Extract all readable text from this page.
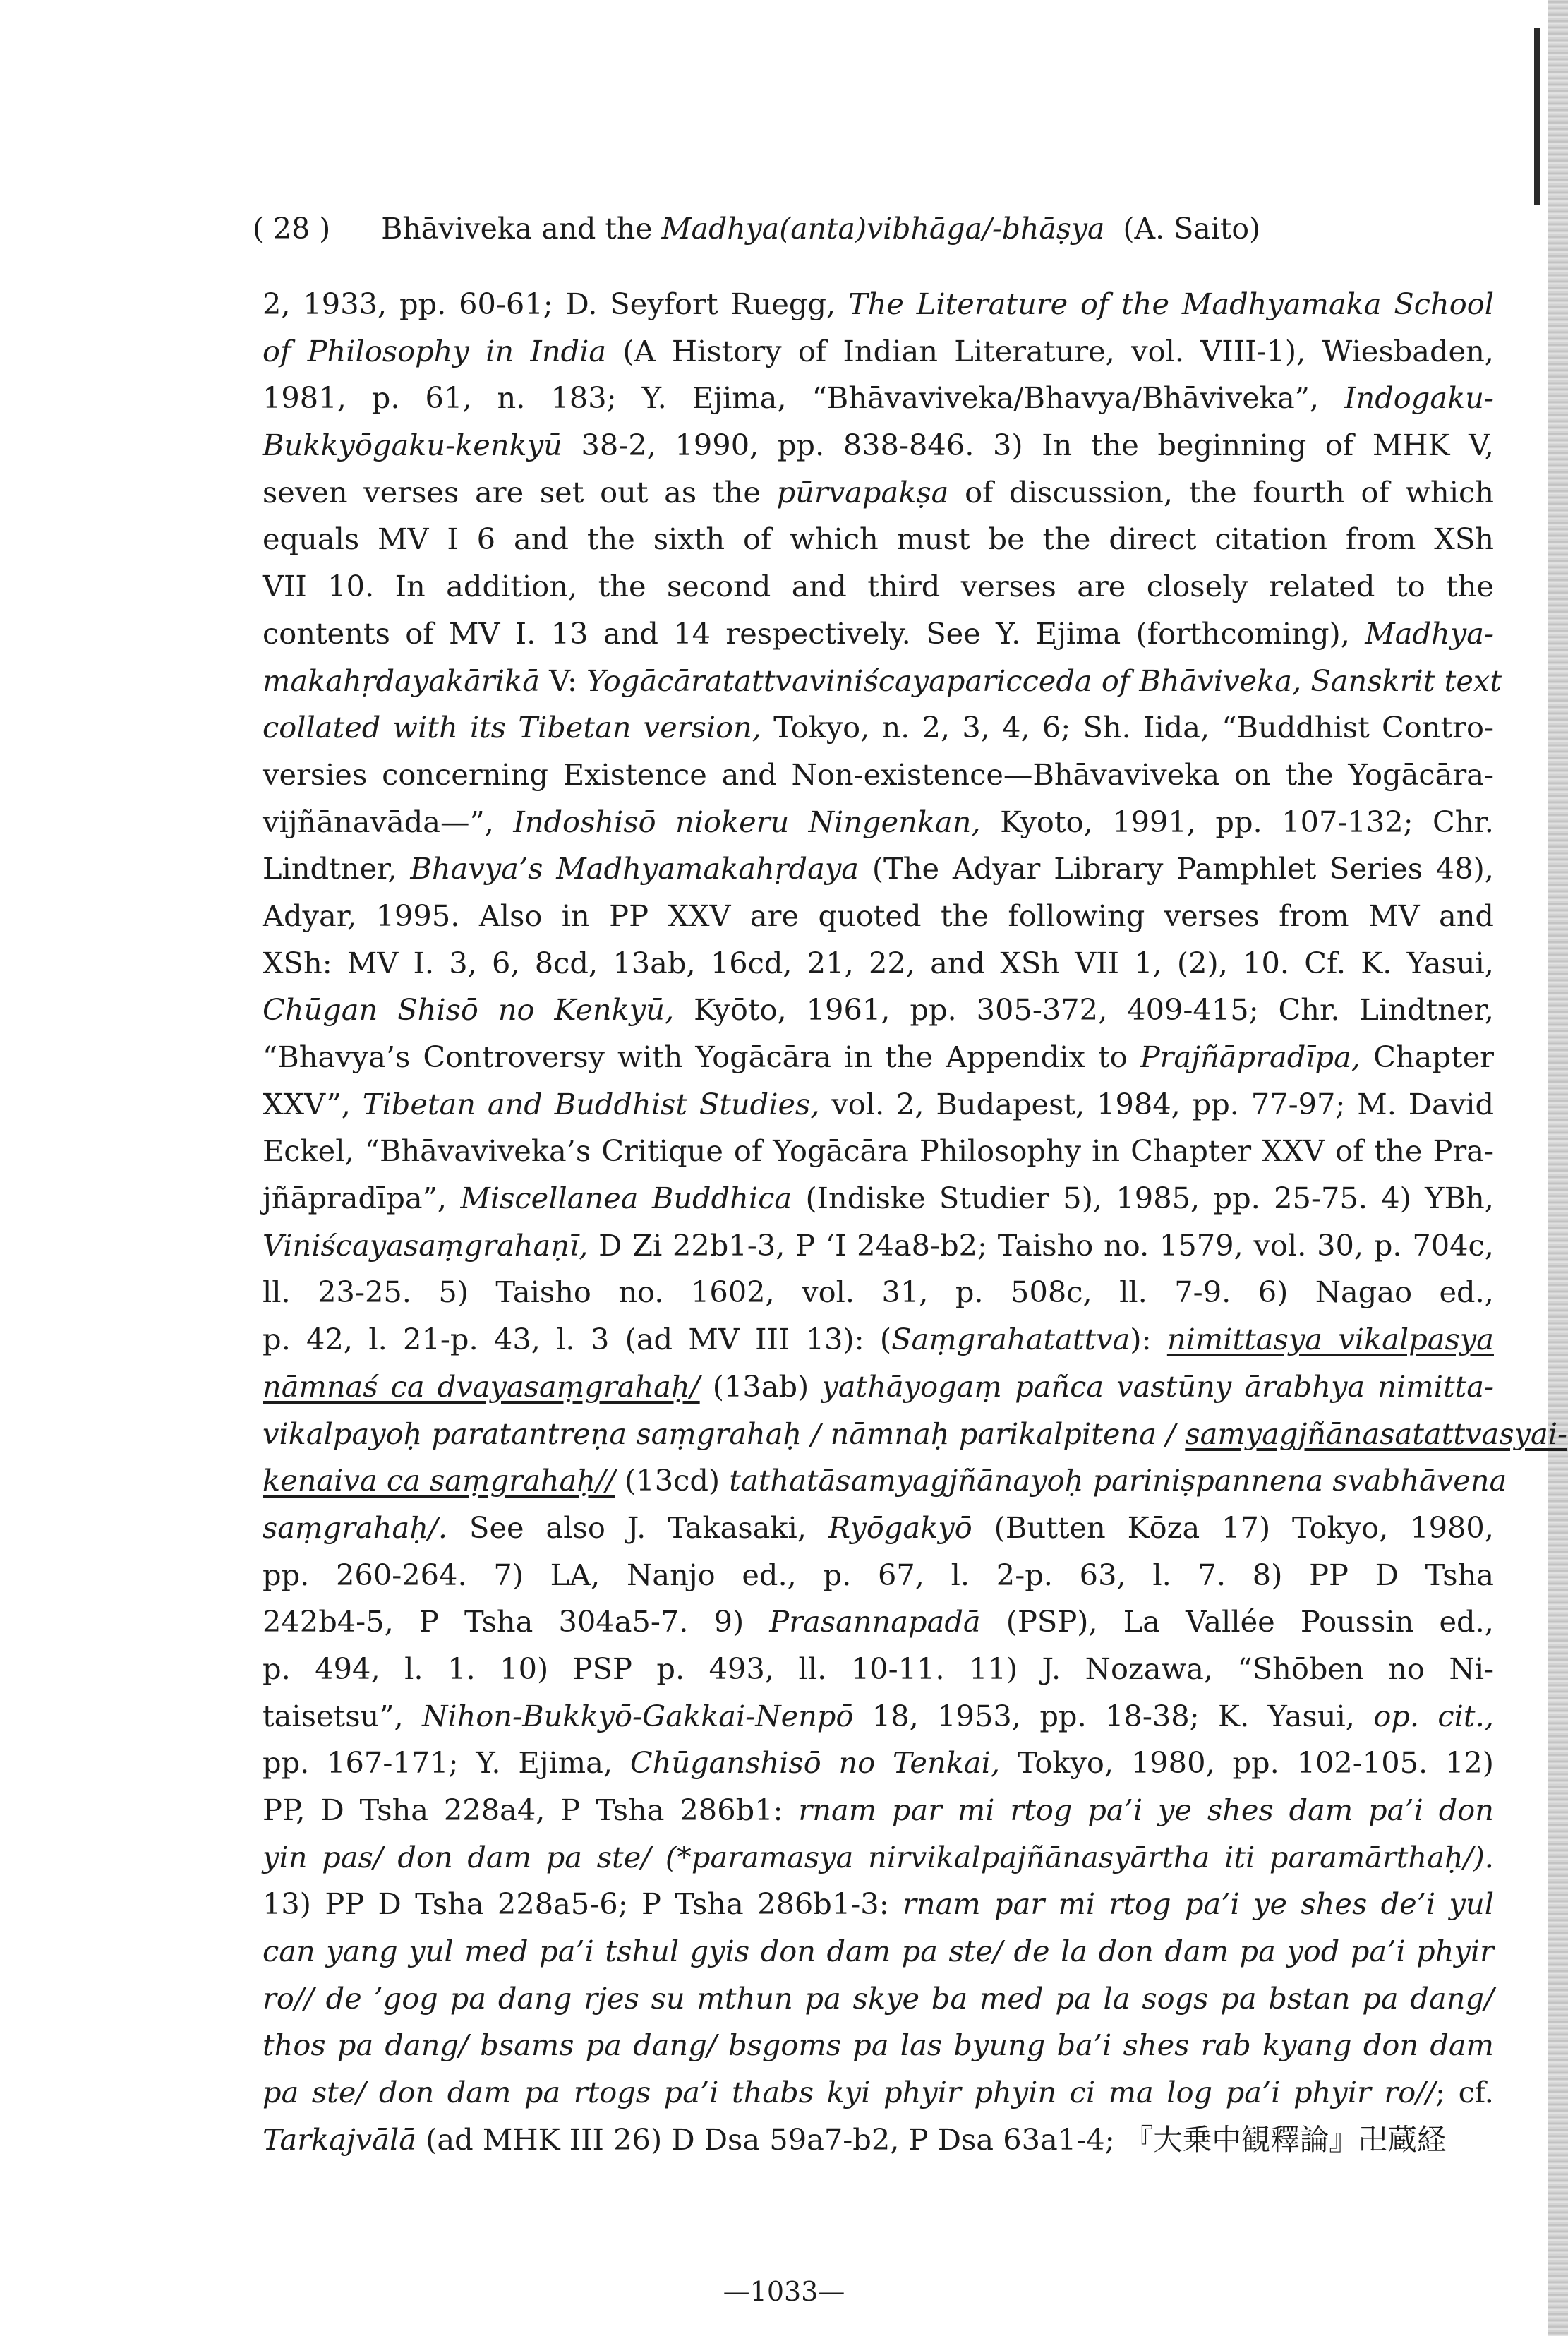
( 28 ) Bhāviveka and the Madhya(anta)vibhāga/-bhāṣya (A. Saito)
2, 1933, pp. 60-61; D. Seyfort Ruegg, The Literature of the Madhyamaka School
of Philosophy in India (A History of Indian Literature, vol. VIII-1), Wiesbaden,
1981, p. 61, n. 183; Y. Ejima, “Bhāvaviveka/Bhavya/Bhāviveka”, Indogaku-
Bukkyōgaku-kenkyū 38-2, 1990, pp. 838-846. 3) In the beginning of MHK V,
seven verses are set out as the pūrvapakṣa of discussion, the fourth of which
equals MV I 6 and the sixth of which must be the direct citation from XSh
VII 10. In addition, the second and third verses are closely related to the
contents of MV I. 13 and 14 respectively. See Y. Ejima (forthcoming), Madhya-
makahṛdayakārikā V: Yogācāratattvaviniścayaparicceda of Bhāviveka, Sanskrit text
collated with its Tibetan version, Tokyo, n. 2, 3, 4, 6; Sh. Iida, “Buddhist Contro-
versies concerning Existence and Non-existence—Bhāvaviveka on the Yogācāra-
vijñānavāda—”, Indoshisō niokeru Ningenkan, Kyoto, 1991, pp. 107-132; Chr.
Lindtner, Bhavya’s Madhyamakahṛdaya (The Adyar Library Pamphlet Series 48),
Adyar, 1995. Also in PP XXV are quoted the following verses from MV and
XSh: MV I. 3, 6, 8cd, 13ab, 16cd, 21, 22, and XSh VII 1, (2), 10. Cf. K. Yasui,
Chūgan Shisō no Kenkyū, Kyōto, 1961, pp. 305-372, 409-415; Chr. Lindtner,
“Bhavya’s Controversy with Yogācāra in the Appendix to Prajñāpradīpa, Chapter
XXV”, Tibetan and Buddhist Studies, vol. 2, Budapest, 1984, pp. 77-97; M. David
Eckel, “Bhāvaviveka’s Critique of Yogācāra Philosophy in Chapter XXV of the Pra-
jñāpradīpa”, Miscellanea Buddhica (Indiske Studier 5), 1985, pp. 25-75. 4) YBh,
Viniścayasaṃgrahaṇī, D Zi 22b1-3, P ‘I 24a8-b2; Taisho no. 1579, vol. 30, p. 704c,
ll. 23-25. 5) Taisho no. 1602, vol. 31, p. 508c, ll. 7-9. 6) Nagao ed.,
p. 42, l. 21-p. 43, l. 3 (ad MV III 13): (Saṃgrahatattva): nimittasya vikalpasya
nāmnaś ca dvayasaṃgrahaḥ/ (13ab) yathāyogaṃ pañca vastūny ārabhya nimitta-
vikalpayoḥ paratantreṇa saṃgrahaḥ / nāmnaḥ parikalpitena / samyagjñānasatattvasyai-
kenaiva ca saṃgrahaḥ// (13cd) tathatāsamyagjñānayoḥ pariniṣpannena svabhāvena
saṃgrahaḥ/. See also J. Takasaki, Ryōgakyō (Butten Kōza 17) Tokyo, 1980,
pp. 260-264. 7) LA, Nanjo ed., p. 67, l. 2-p. 63, l. 7. 8) PP D Tsha
242b4-5, P Tsha 304a5-7. 9) Prasannapadā (PSP), La Vallée Poussin ed.,
p. 494, l. 1. 10) PSP p. 493, ll. 10-11. 11) J. Nozawa, “Shōben no Ni-
taisetsu”, Nihon-Bukkyō-Gakkai-Nenpō 18, 1953, pp. 18-38; K. Yasui, op. cit.,
pp. 167-171; Y. Ejima, Chūganshisō no Tenkai, Tokyo, 1980, pp. 102-105. 12)
PP, D Tsha 228a4, P Tsha 286b1: rnam par mi rtog pa’i ye shes dam pa’i don
yin pas/ don dam pa ste/ (*paramasya nirvikalpajñānasyārtha iti paramārthaḥ/).
13) PP D Tsha 228a5-6; P Tsha 286b1-3: rnam par mi rtog pa’i ye shes de’i yul
can yang yul med pa’i tshul gyis don dam pa ste/ de la don dam pa yod pa’i phyir
ro// de ’gog pa dang rjes su mthun pa skye ba med pa la sogs pa bstan pa dang/
thos pa dang/ bsams pa dang/ bsgoms pa las byung ba’i shes rab kyang don dam
pa ste/ don dam pa rtogs pa’i thabs kyi phyir phyin ci ma log pa’i phyir ro//; cf.
Tarkajvālā (ad MHK III 26) D Dsa 59a7-b2, P Dsa 63a1-4; 『大乗中観釋論』卍蔵経
—1033—
